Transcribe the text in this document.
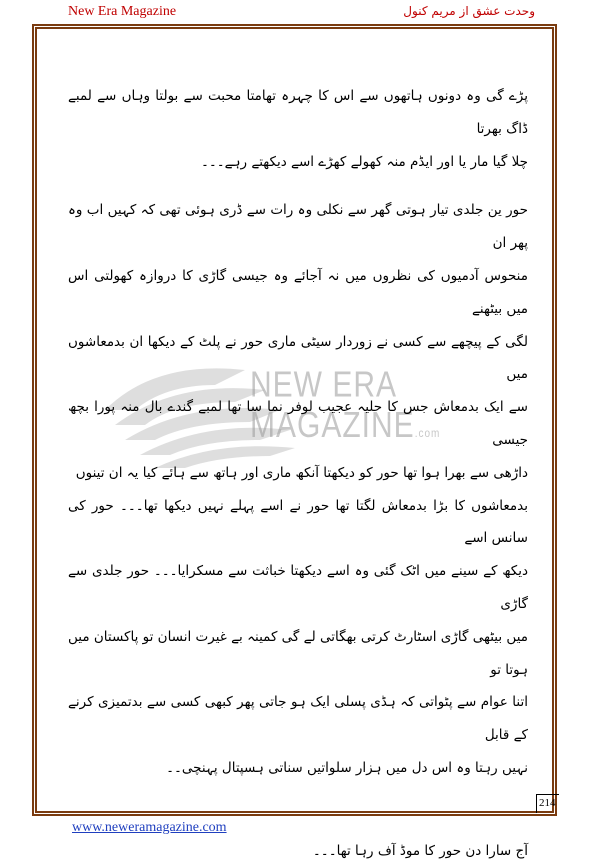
New Era Magazine	وحدت عشق از مریم کنول
NEW ERA MAGAZINE.com

پڑے گی وہ دونوں ہاتھوں سے اس کا چہرہ تھامتا محبت سے بولتا وہاں سے لمبے ڈاگ بھرتا

چلا گیا مار یا اور ایڈم منہ کھولے کھڑے اسے دیکھتے رہے۔۔۔

حور ین جلدی تیار ہوتی گھر سے نکلی وہ رات سے ڈری ہوئی تھی کہ کہیں اب وہ پھر ان

منحوس آدمیوں کی نظروں میں نہ آجائے وہ جیسی گاڑی کا دروازہ کھولتی اس میں بیٹھنے

لگی کے پیچھے سے کسی نے زوردار سیٹی ماری حور نے پلٹ کے دیکھا ان بدمعاشوں میں

سے ایک بدمعاش جس کا حلیہ عجیب لوفر نما سا تھا لمبے گندے بال منہ پورا بچھ جیسی

داڑھی سے بھرا ہوا تھا حور کو دیکھتا آنکھ ماری اور ہاتھ سے ہائے کیا یہ ان تینوں

بدمعاشوں کا بڑا بدمعاش لگتا تھا حور نے اسے پہلے نہیں دیکھا تھا۔۔۔ حور کی سانس اسے

دیکھ کے سینے میں اٹک گئی وہ اسے دیکھتا خباثت سے مسکرایا۔۔۔ حور جلدی سے گاڑی

میں بیٹھی گاڑی اسٹارٹ کرتی بھگاتی لے گی کمینہ بے غیرت انسان تو پاکستان میں ہوتا تو

اتنا عوام سے پٹواتی کہ ہڈی پسلی ایک ہو جاتی پھر کبھی کسی سے بدتمیزی کرنے کے قابل

نہیں رہتا وہ اس دل میں ہزار سلواتیں سناتی ہسپتال پہنچی۔۔

آج سارا دن حور کا موڈ آف رہا تھا۔۔۔

214
www.neweramagazine.com
